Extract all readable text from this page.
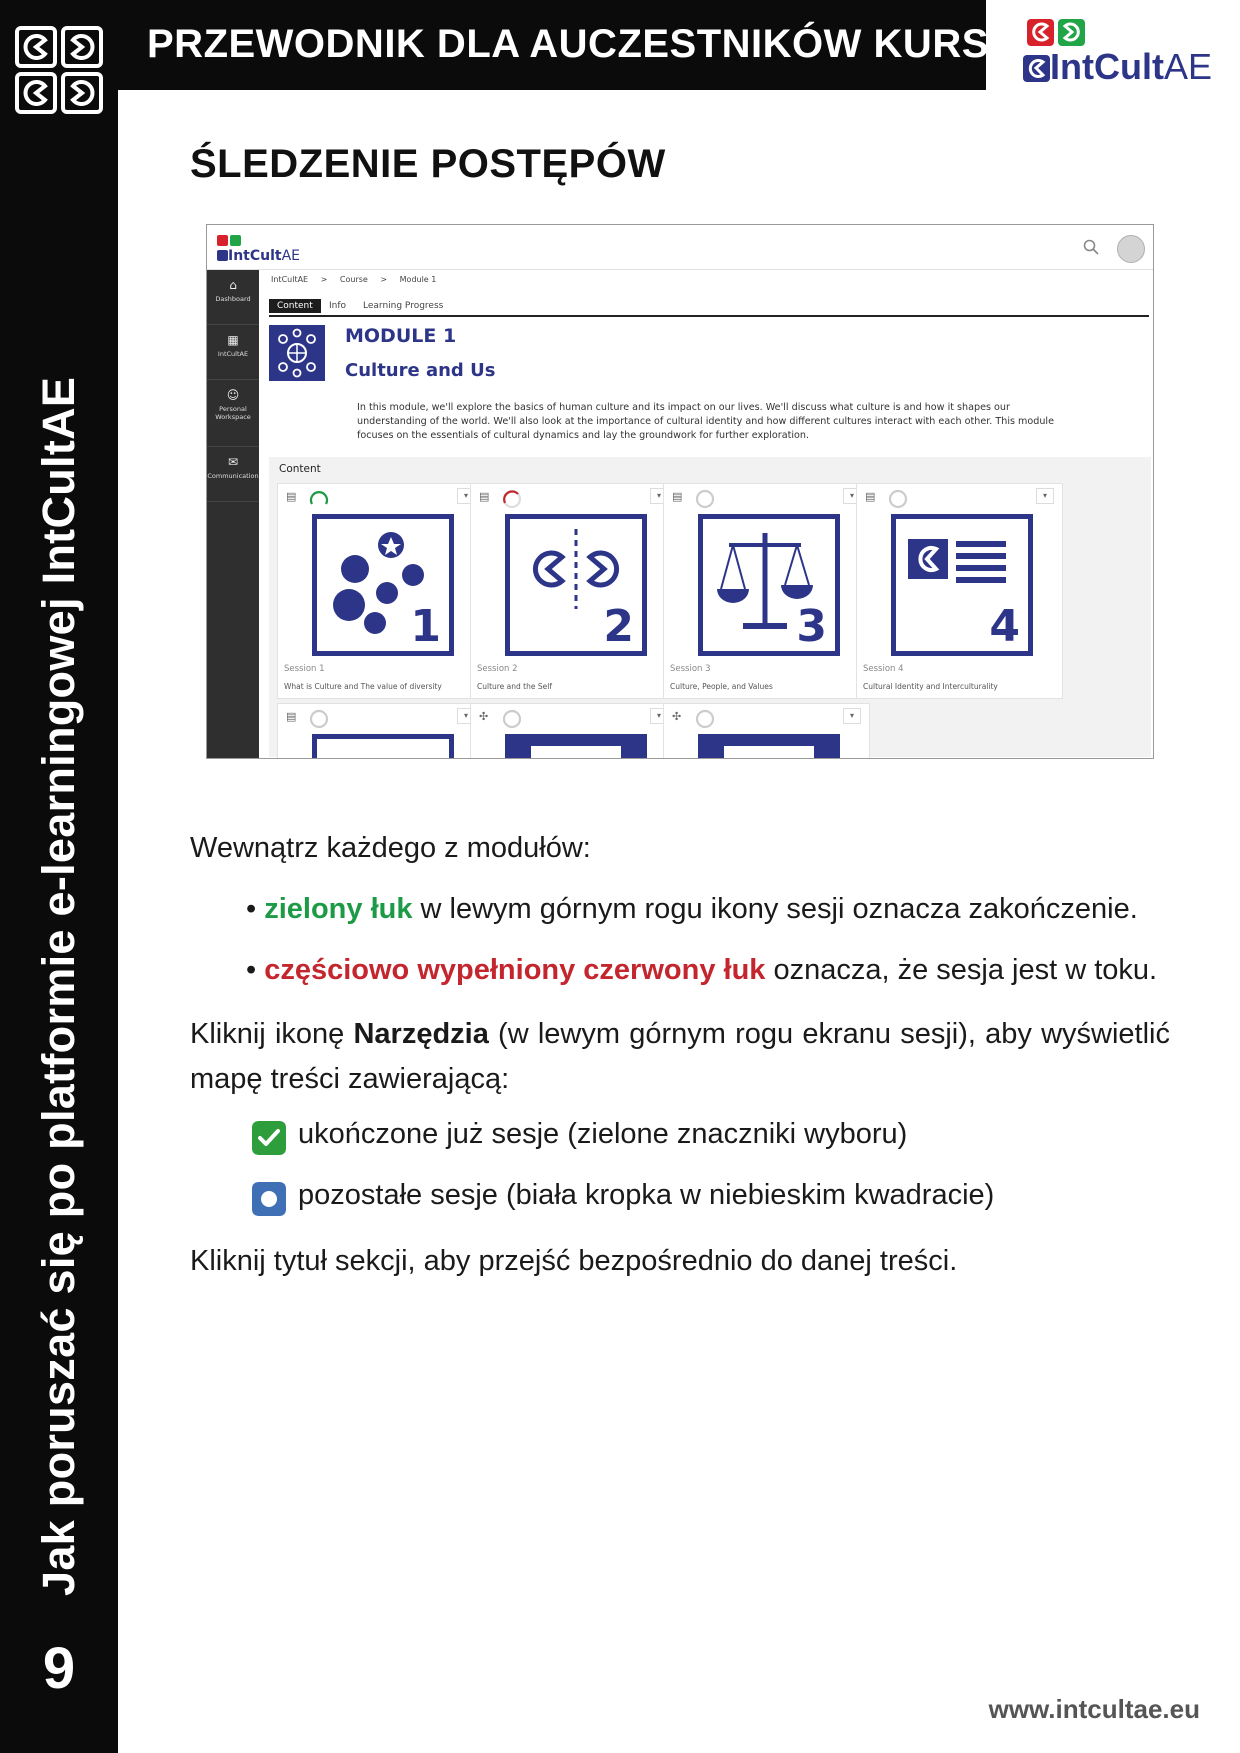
Jak poruszać się po platformie e-learningowej IntCultAE
9
PRZEWODNIK DLA AUCZESTNIKÓW KURSU
IntCultAE
ŚLEDZENIE POSTĘPÓW
IntCultAE
⌂
Dashboard
▦
IntCultAE
☺
Personal Workspace
✉
Communication
IntCultAE > Course > Module 1
Content	Info	Learning Progress
MODULE 1
Culture and Us
In this module, we'll explore the basics of human culture and its impact on our lives. We'll discuss what culture is and how it shapes our understanding of the world. We'll also look at the importance of cultural identity and how different cultures interact with each other. This module focuses on the essentials of cultural dynamics and lay the groundwork for further exploration.
Content
▤	▾
1
Session 1
What is Culture and The value of diversity
▤	▾
2
Session 2
Culture and the Self
▤	▾
3
Session 3
Culture, People, and Values
▤	▾
4
Session 4
Cultural Identity and Interculturality
▤	▾	✣	▾	✣	▾
Wewnątrz każdego z modułów:
• zielony łuk w lewym górnym rogu ikony sesji oznacza zakończenie.
• częściowo wypełniony czerwony łuk oznacza, że sesja jest w toku.
Kliknij ikonę Narzędzia (w lewym górnym rogu ekranu sesji), aby wyświetlić mapę treści zawierającą:
ukończone już sesje (zielone znaczniki wyboru)
pozostałe sesje (biała kropka w niebieskim kwadracie)
Kliknij tytuł sekcji, aby przejść bezpośrednio do danej treści.
www.intcultae.eu
